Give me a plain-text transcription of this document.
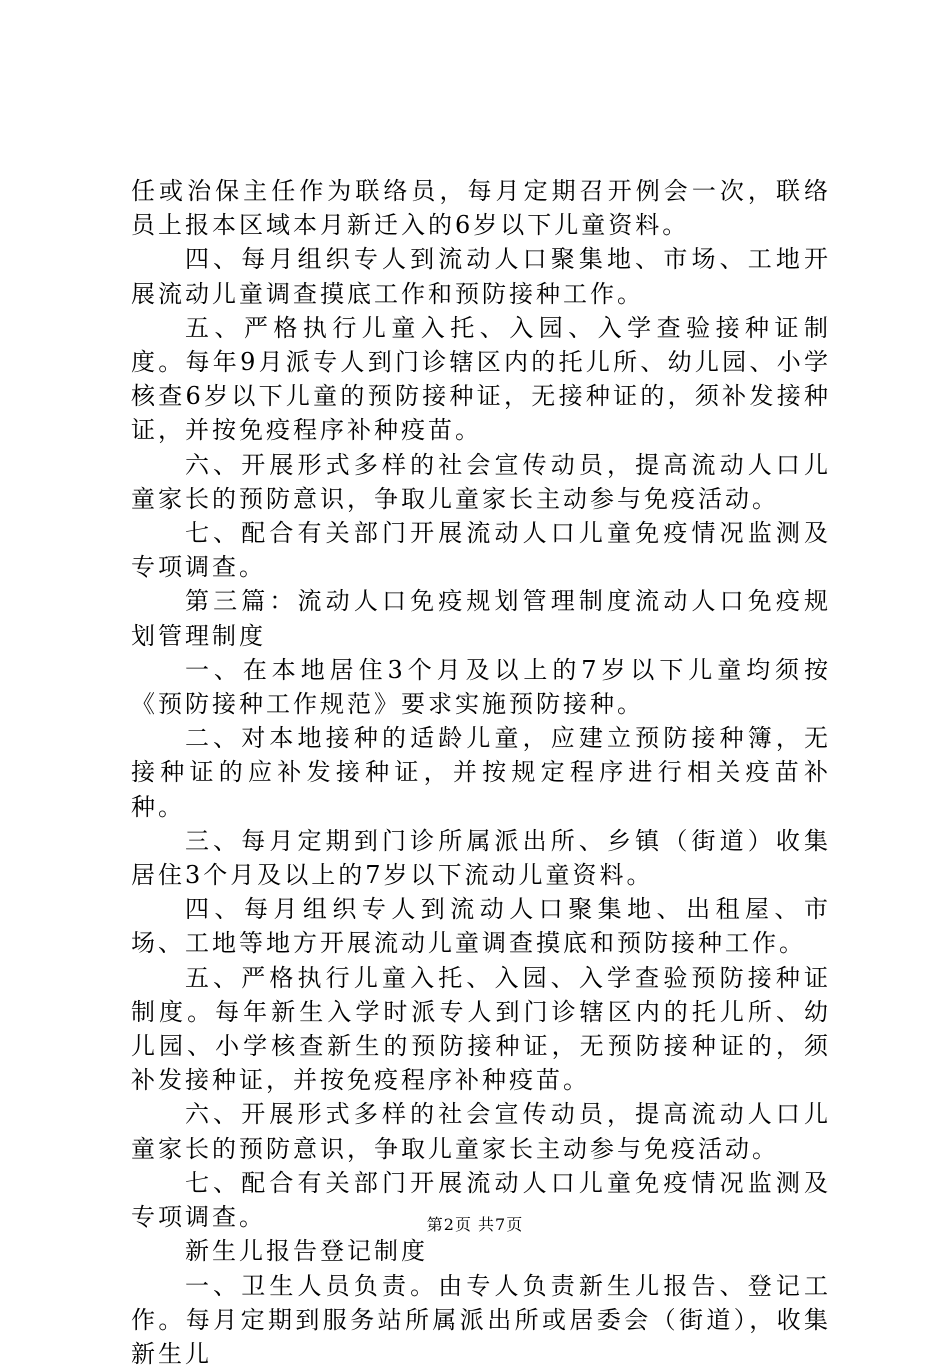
任或治保主任作为联络员，每月定期召开例会一次，联络员上报本区域本月新迁入的6岁以下儿童资料。

四、每月组织专人到流动人口聚集地、市场、工地开展流动儿童调查摸底工作和预防接种工作。

五、严格执行儿童入托、入园、入学查验接种证制度。每年9月派专人到门诊辖区内的托儿所、幼儿园、小学核查6岁以下儿童的预防接种证，无接种证的，须补发接种证，并按免疫程序补种疫苗。

六、开展形式多样的社会宣传动员，提高流动人口儿童家长的预防意识，争取儿童家长主动参与免疫活动。

七、配合有关部门开展流动人口儿童免疫情况监测及专项调查。

第三篇：流动人口免疫规划管理制度流动人口免疫规划管理制度

一、在本地居住3个月及以上的7岁以下儿童均须按《预防接种工作规范》要求实施预防接种。

二、对本地接种的适龄儿童，应建立预防接种簿，无接种证的应补发接种证，并按规定程序进行相关疫苗补种。

三、每月定期到门诊所属派出所、乡镇（街道）收集居住3个月及以上的7岁以下流动儿童资料。

四、每月组织专人到流动人口聚集地、出租屋、市场、工地等地方开展流动儿童调查摸底和预防接种工作。

五、严格执行儿童入托、入园、入学查验预防接种证制度。每年新生入学时派专人到门诊辖区内的托儿所、幼儿园、小学核查新生的预防接种证，无预防接种证的，须补发接种证，并按免疫程序补种疫苗。

六、开展形式多样的社会宣传动员，提高流动人口儿童家长的预防意识，争取儿童家长主动参与免疫活动。

七、配合有关部门开展流动人口儿童免疫情况监测及专项调查。

新生儿报告登记制度

一、卫生人员负责。由专人负责新生儿报告、登记工作。每月定期到服务站所属派出所或居委会（街道），收集新生儿

第2页 共7页
